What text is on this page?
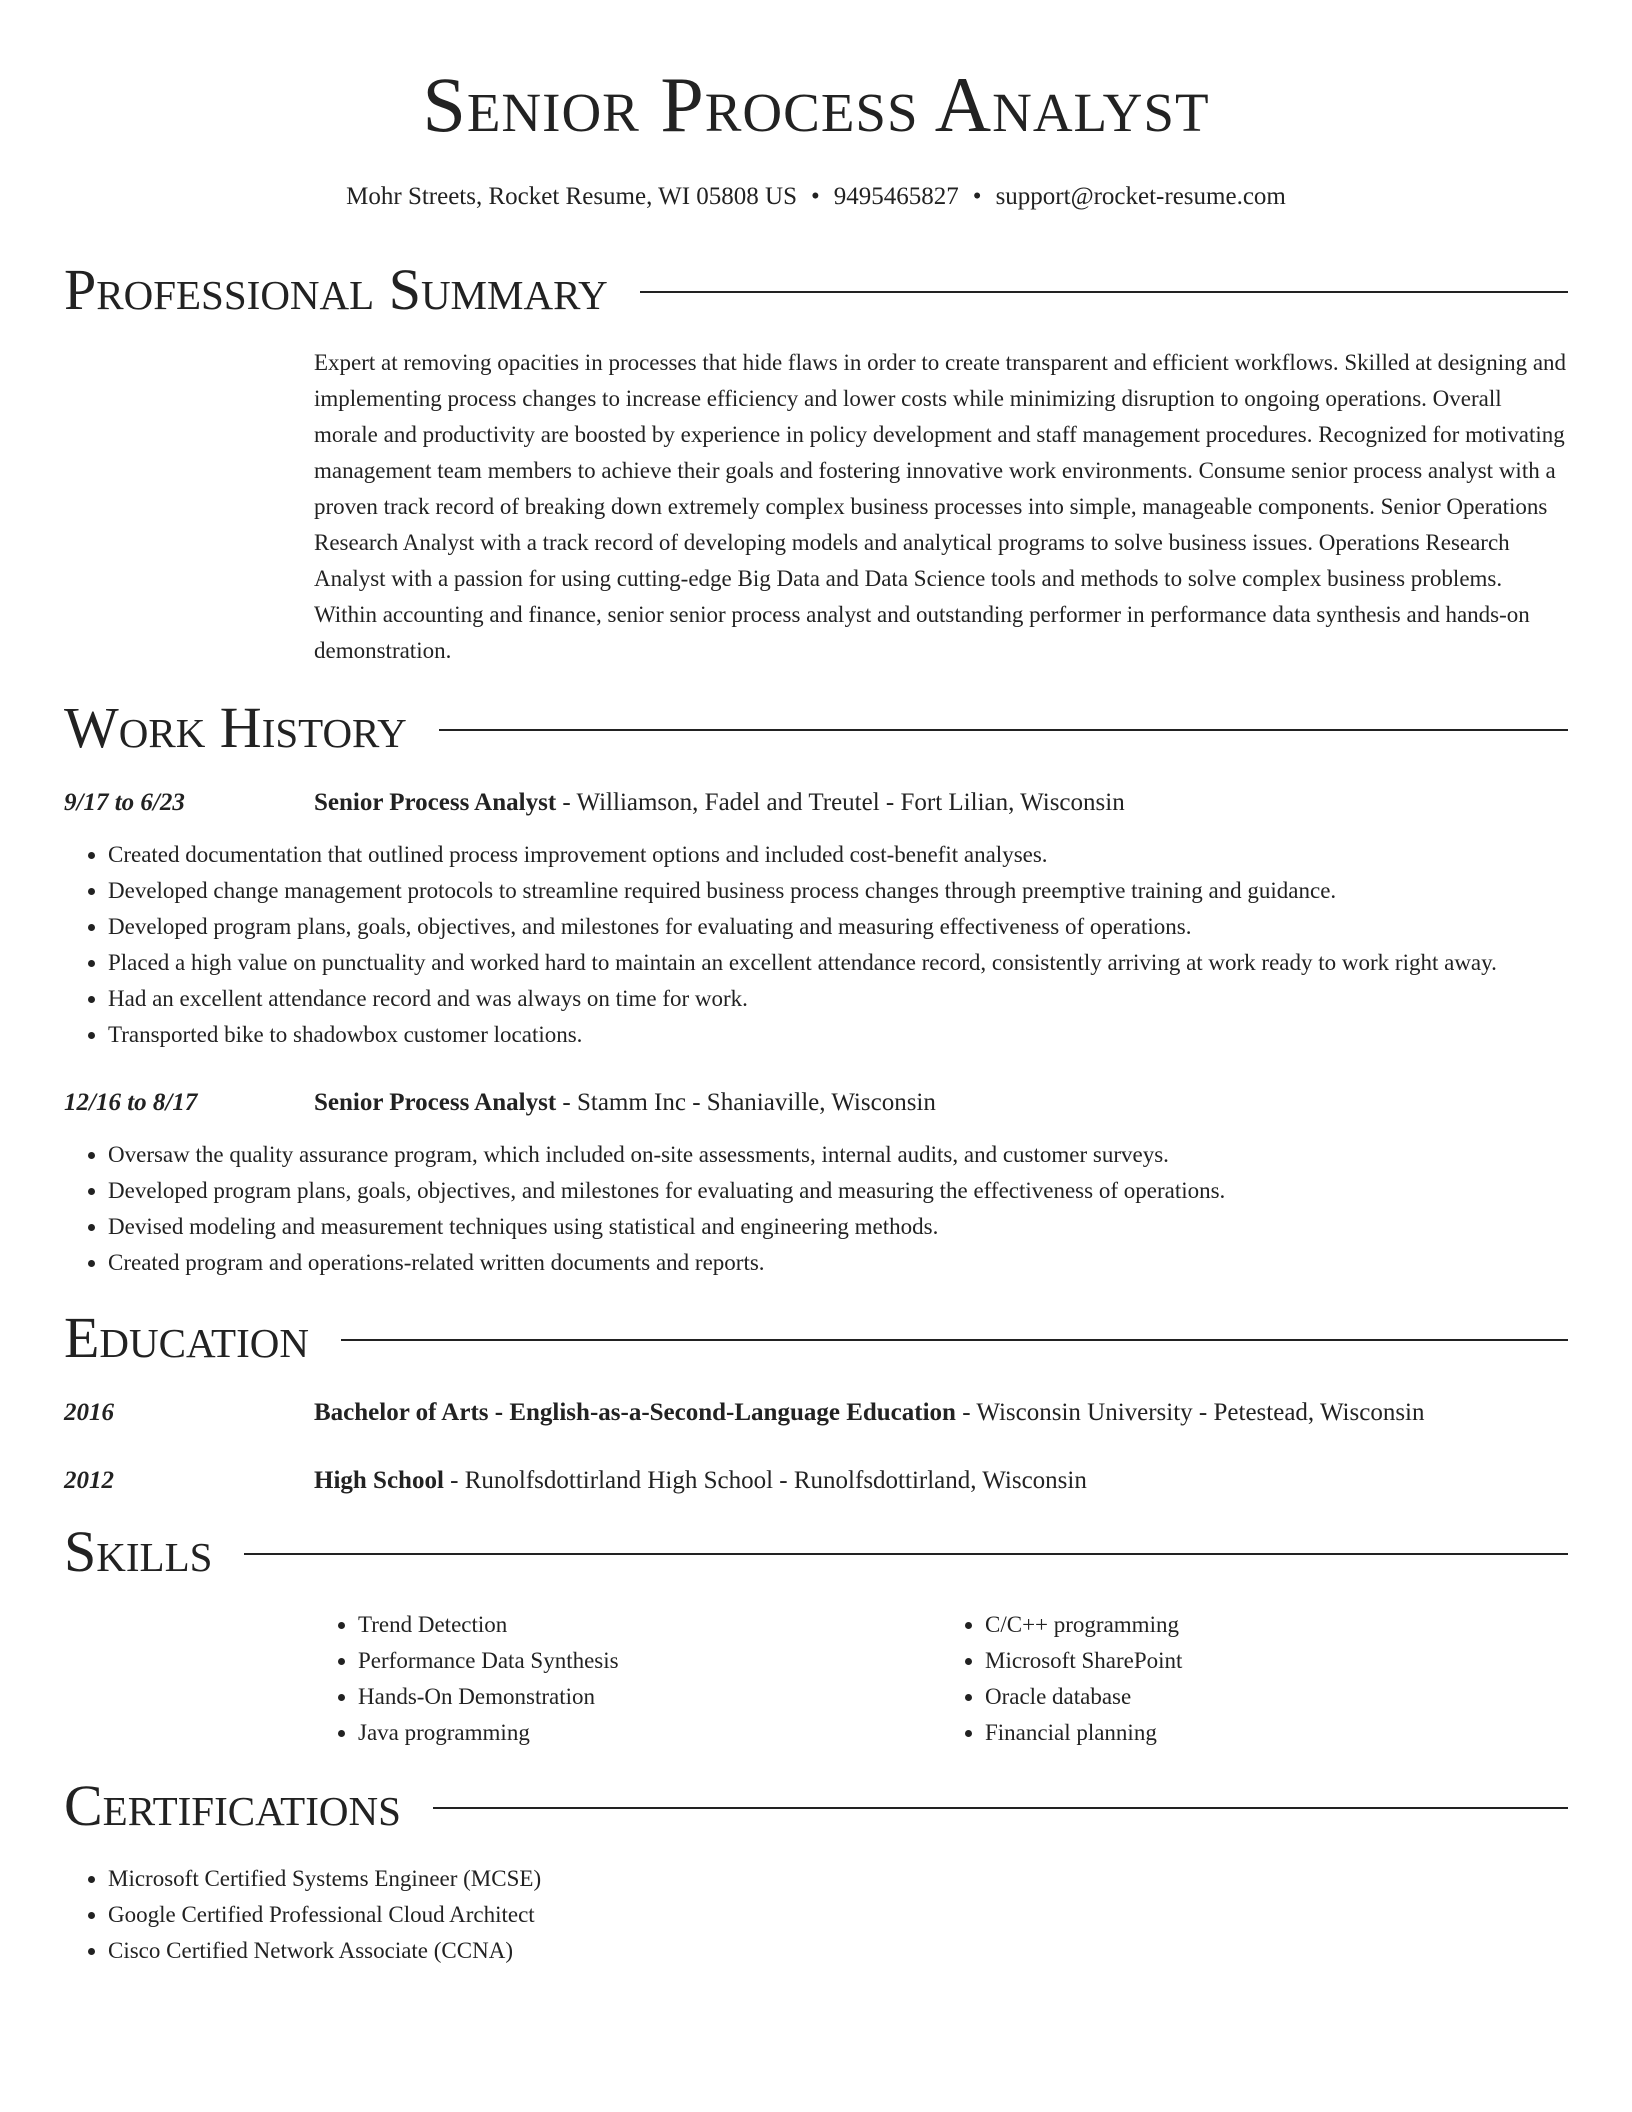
Senior Process Analyst
Mohr Streets, Rocket Resume, WI 05808 US • 9495465827 • support@rocket-resume.com
Professional Summary

Expert at removing opacities in processes that hide flaws in order to create transparent and efficient workflows. Skilled at designing and implementing process changes to increase efficiency and lower costs while minimizing disruption to ongoing operations. Overall morale and productivity are boosted by experience in policy development and staff management procedures. Recognized for motivating management team members to achieve their goals and fostering innovative work environments. Consume senior process analyst with a proven track record of breaking down extremely complex business processes into simple, manageable components. Senior Operations Research Analyst with a track record of developing models and analytical programs to solve business issues. Operations Research Analyst with a passion for using cutting-edge Big Data and Data Science tools and methods to solve complex business problems. Within accounting and finance, senior senior process analyst and outstanding performer in performance data synthesis and hands-on demonstration.

Work History
9/17 to 6/23	Senior Process Analyst - Williamson, Fadel and Treutel - Fort Lilian, Wisconsin
• Created documentation that outlined process improvement options and included cost-benefit analyses.
• Developed change management protocols to streamline required business process changes through preemptive training and guidance.
• Developed program plans, goals, objectives, and milestones for evaluating and measuring effectiveness of operations.
• Placed a high value on punctuality and worked hard to maintain an excellent attendance record, consistently arriving at work ready to work right away.
• Had an excellent attendance record and was always on time for work.
• Transported bike to shadowbox customer locations.
12/16 to 8/17	Senior Process Analyst - Stamm Inc - Shaniaville, Wisconsin
• Oversaw the quality assurance program, which included on-site assessments, internal audits, and customer surveys.
• Developed program plans, goals, objectives, and milestones for evaluating and measuring the effectiveness of operations.
• Devised modeling and measurement techniques using statistical and engineering methods.
• Created program and operations-related written documents and reports.
Education
2016	Bachelor of Arts - English-as-a-Second-Language Education - Wisconsin University - Petestead, Wisconsin
2012	High School - Runolfsdottirland High School - Runolfsdottirland, Wisconsin
Skills
• Trend Detection
• Performance Data Synthesis
• Hands-On Demonstration
• Java programming
• C/C++ programming
• Microsoft SharePoint
• Oracle database
• Financial planning
Certifications
• Microsoft Certified Systems Engineer (MCSE)
• Google Certified Professional Cloud Architect
• Cisco Certified Network Associate (CCNA)
